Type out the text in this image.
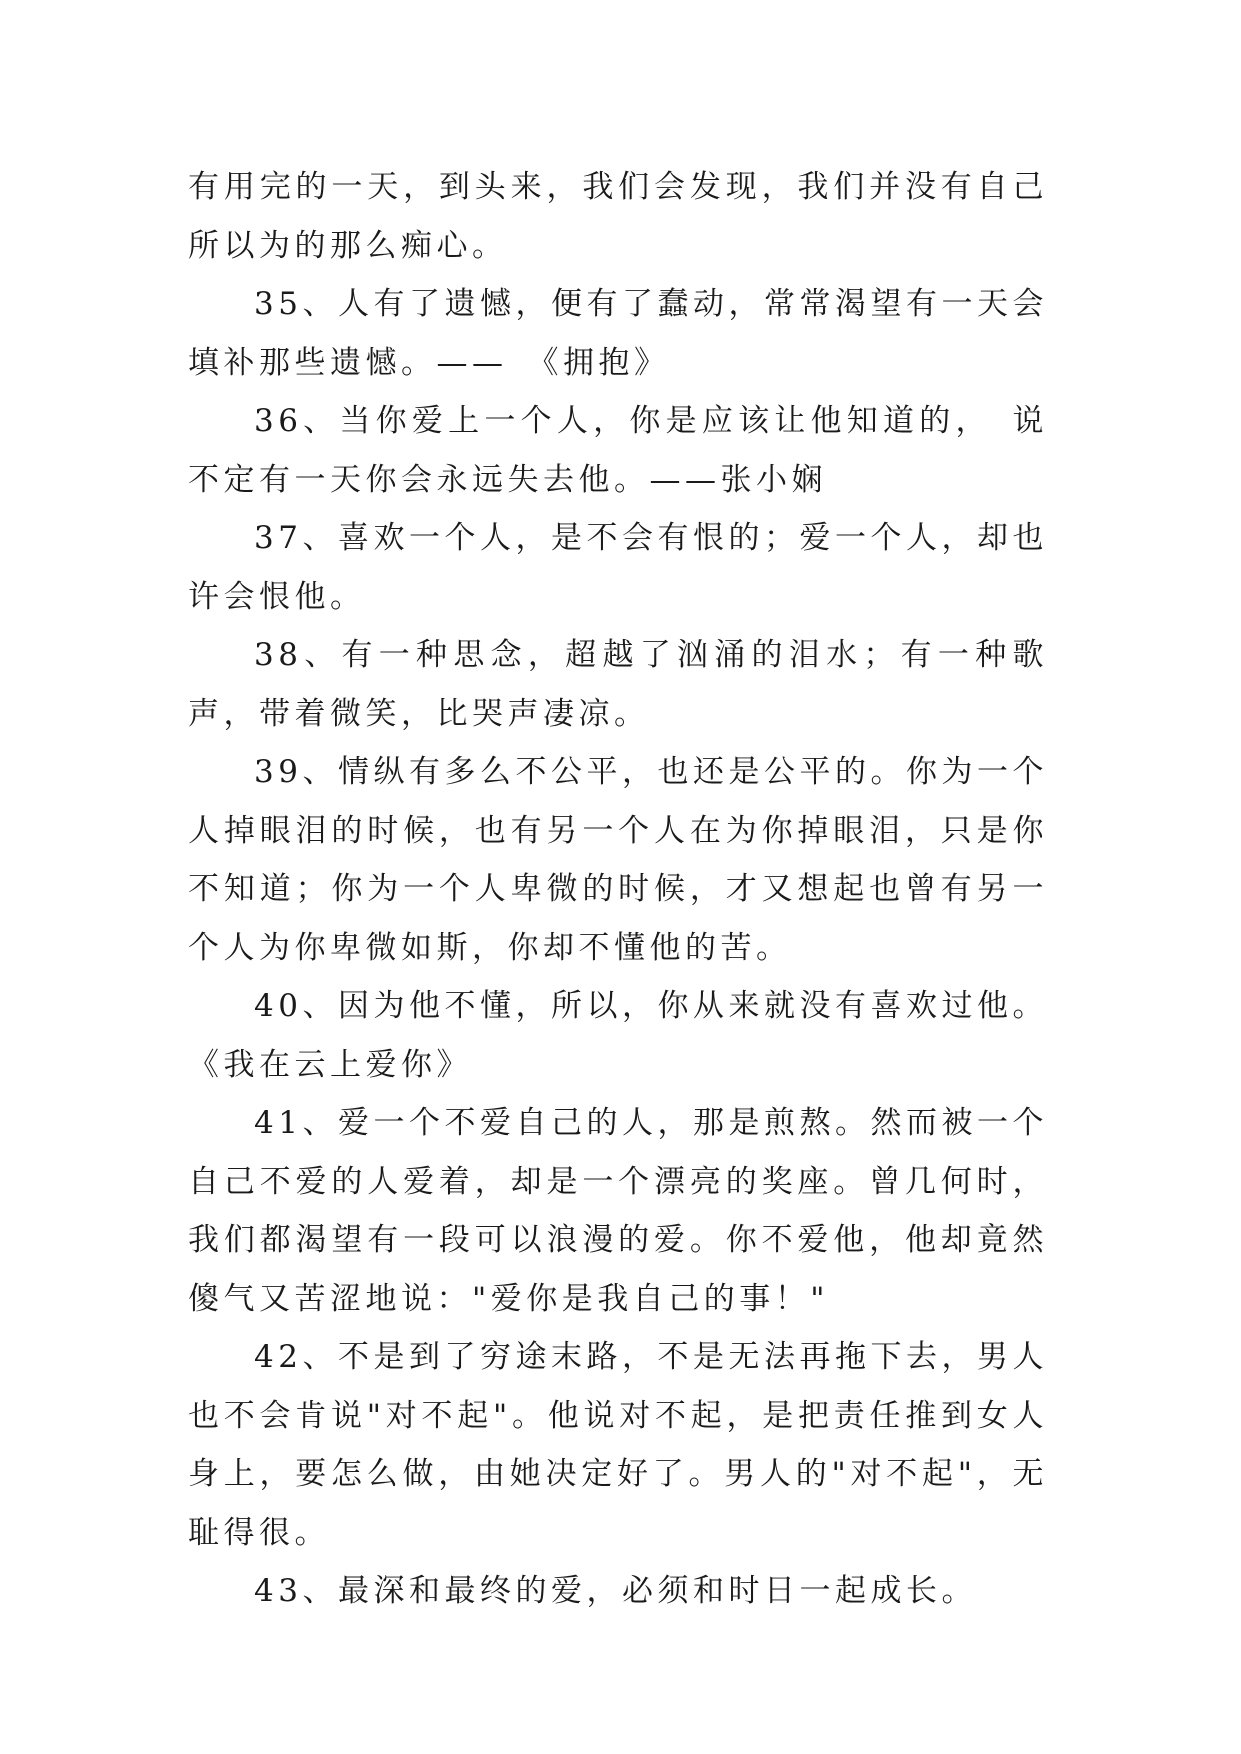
有用完的一天，到头来，我们会发现，我们并没有自己所以为的那么痴心。

35、人有了遗憾，便有了蠢动，常常渴望有一天会填补那些遗憾。——　《拥抱》

36、当你爱上一个人，你是应该让他知道的，　说不定有一天你会永远失去他。——张小娴

37、喜欢一个人，是不会有恨的；爱一个人，却也许会恨他。

38、有一种思念，超越了汹涌的泪水；有一种歌声，带着微笑，比哭声凄凉。

39、情纵有多么不公平，也还是公平的。你为一个人掉眼泪的时候，也有另一个人在为你掉眼泪，只是你不知道；你为一个人卑微的时候，才又想起也曾有另一个人为你卑微如斯，你却不懂他的苦。

40、因为他不懂，所以，你从来就没有喜欢过他。《我在云上爱你》

41、爱一个不爱自己的人，那是煎熬。然而被一个自己不爱的人爱着，却是一个漂亮的奖座。曾几何时，我们都渴望有一段可以浪漫的爱。你不爱他，他却竟然傻气又苦涩地说："爱你是我自己的事！"

42、不是到了穷途末路，不是无法再拖下去，男人也不会肯说"对不起"。他说对不起，是把责任推到女人身上，要怎么做，由她决定好了。男人的"对不起"，无耻得很。

43、最深和最终的爱，必须和时日一起成长。
